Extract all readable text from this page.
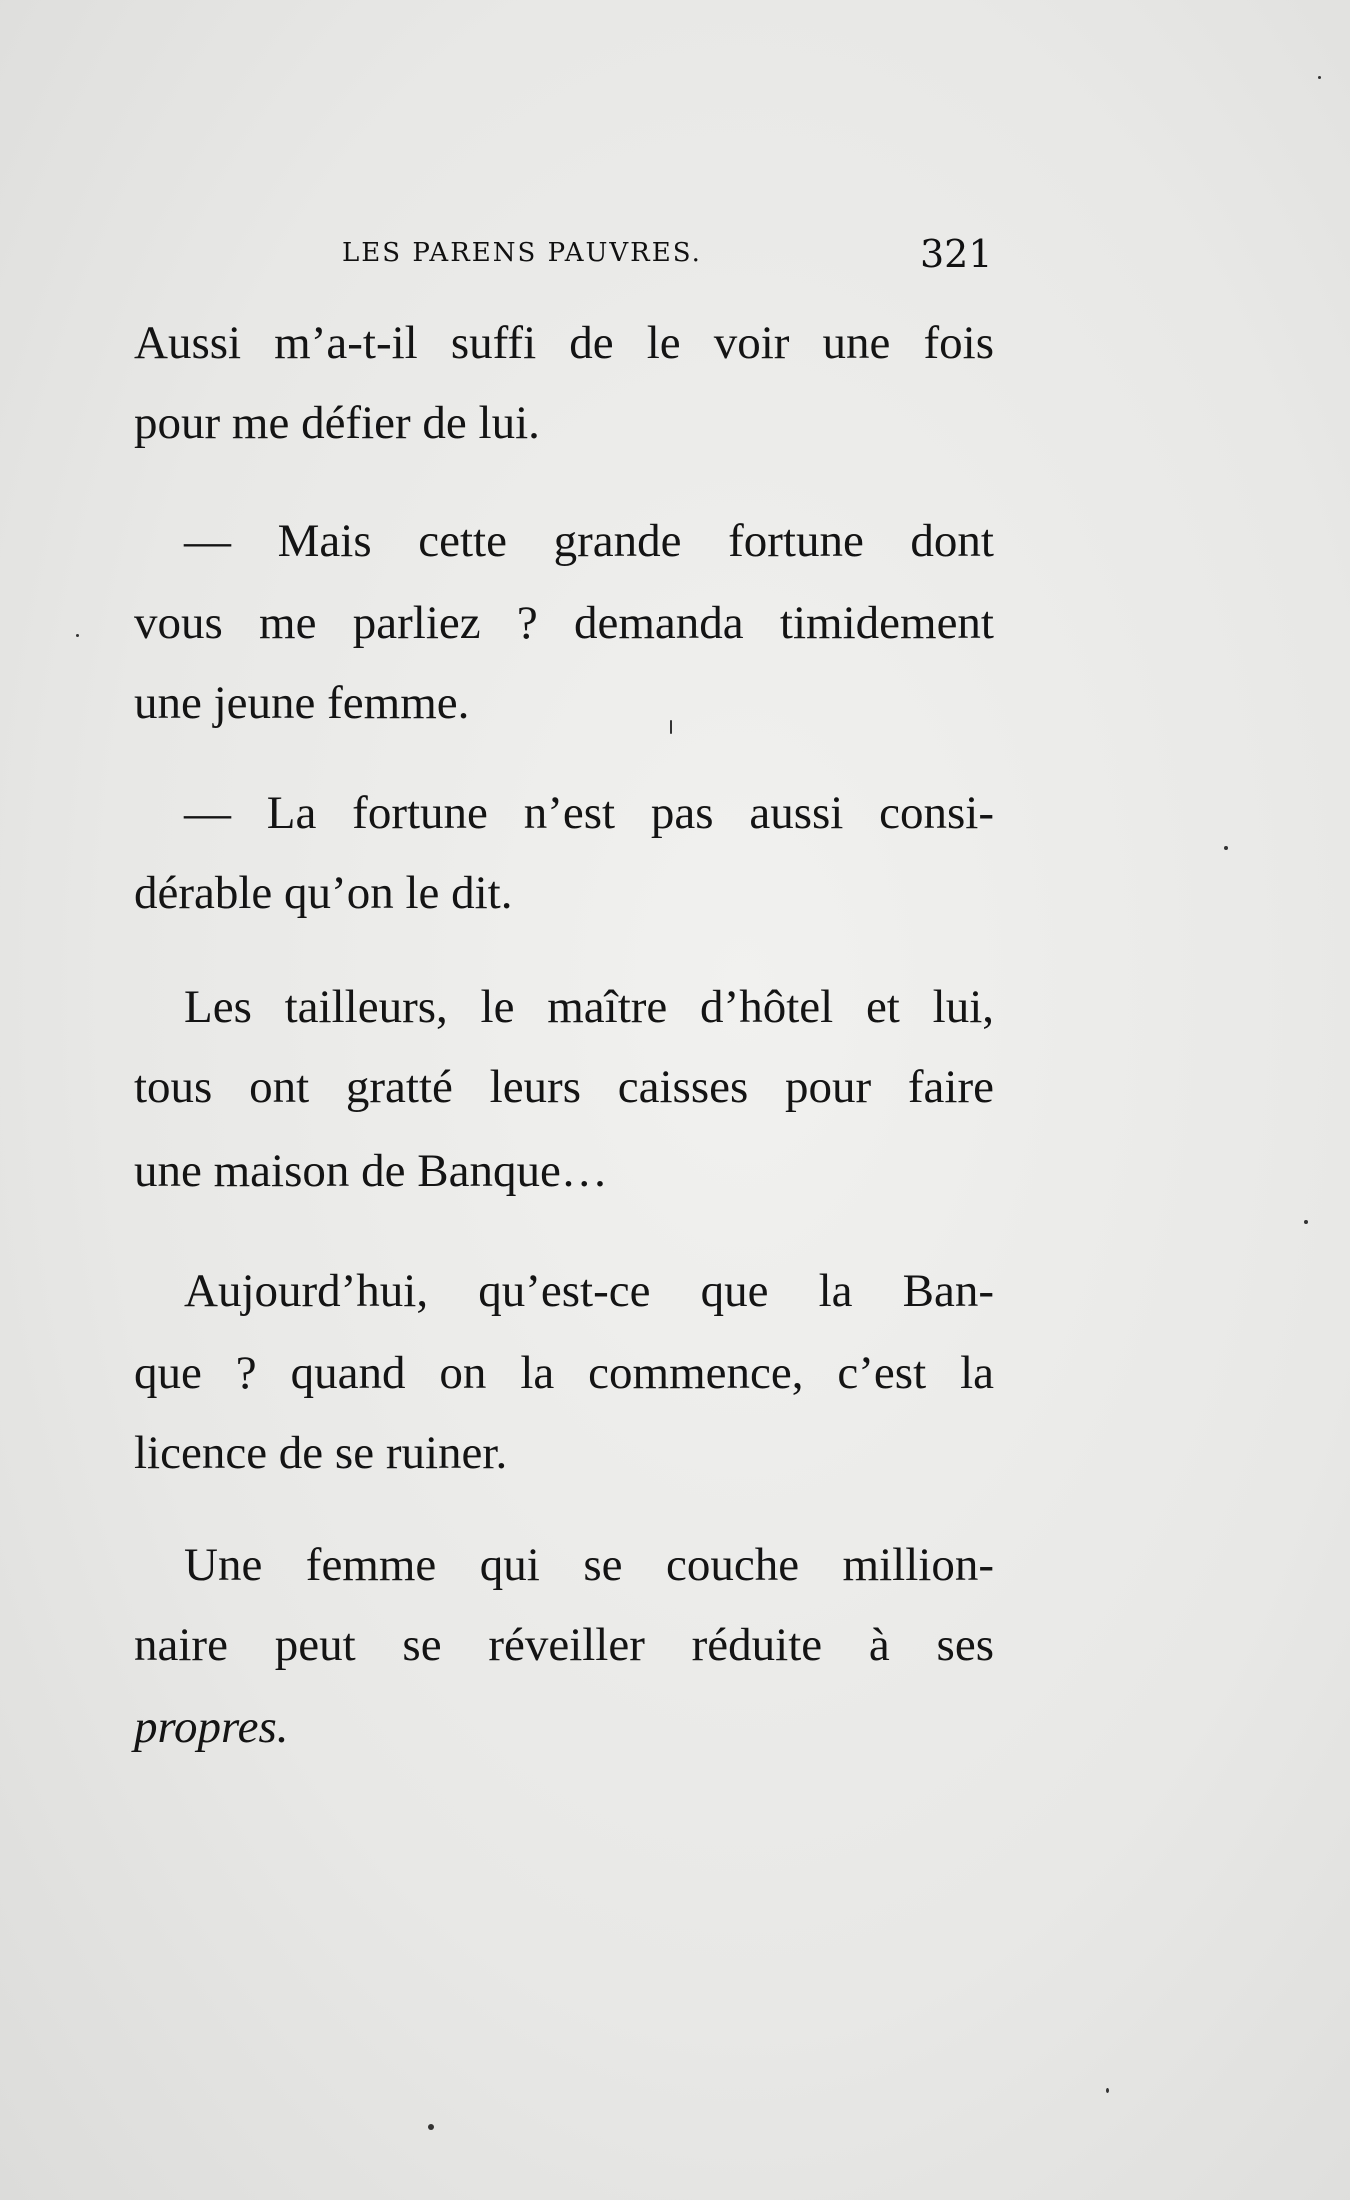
LES PARENS PAUVRES.	321
Aussi m’a-t-il suffi de le voir une fois
pour me défier de lui.
— Mais cette grande fortune dont
vous me parliez ? demanda timidement
une jeune femme.
— La fortune n’est pas aussi consi-
dérable qu’on le dit.
Les tailleurs, le maître d’hôtel et lui,
tous ont gratté leurs caisses pour faire
une maison de Banque…
Aujourd’hui, qu’est-ce que la Ban-
que ? quand on la commence, c’est la
licence de se ruiner.
Une femme qui se couche million-
naire peut se réveiller réduite à ses
propres.
